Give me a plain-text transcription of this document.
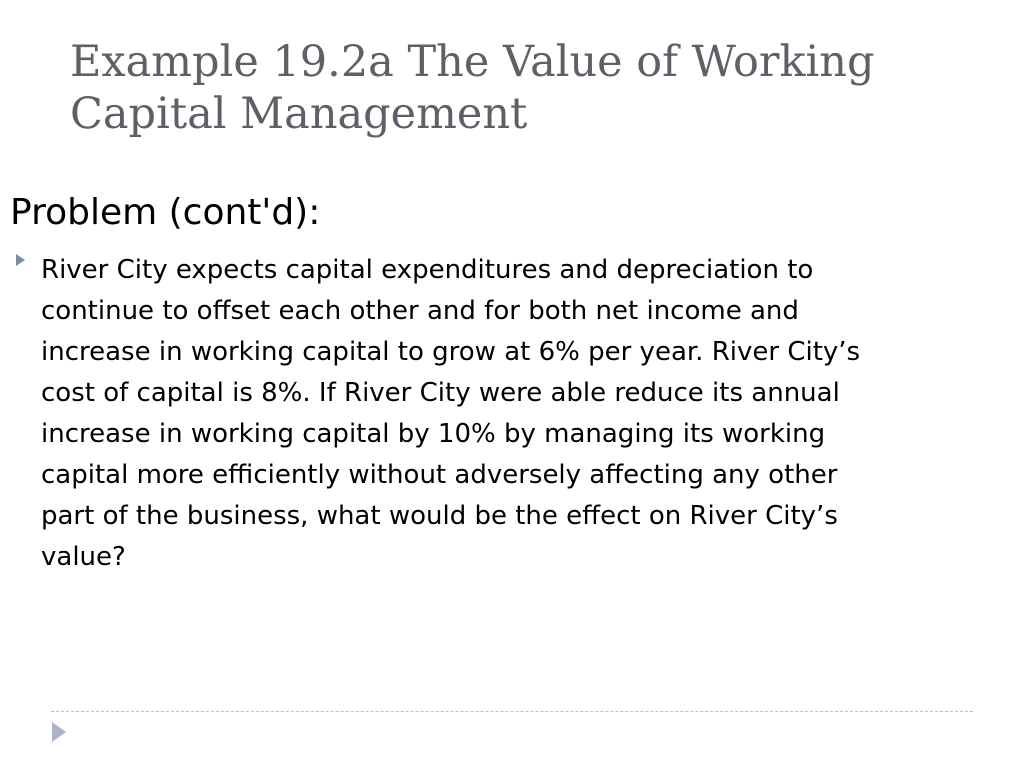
Example 19.2a The Value of Working Capital Management
Problem (cont'd):

River City expects capital expenditures and depreciation to
continue to offset each other and for both net income and
increase in working capital to grow at 6% per year. River City’s
cost of capital is 8%. If River City were able reduce its annual
increase in working capital by 10% by managing its working
capital more efficiently without adversely affecting any other
part of the business, what would be the effect on River City’s
value?
